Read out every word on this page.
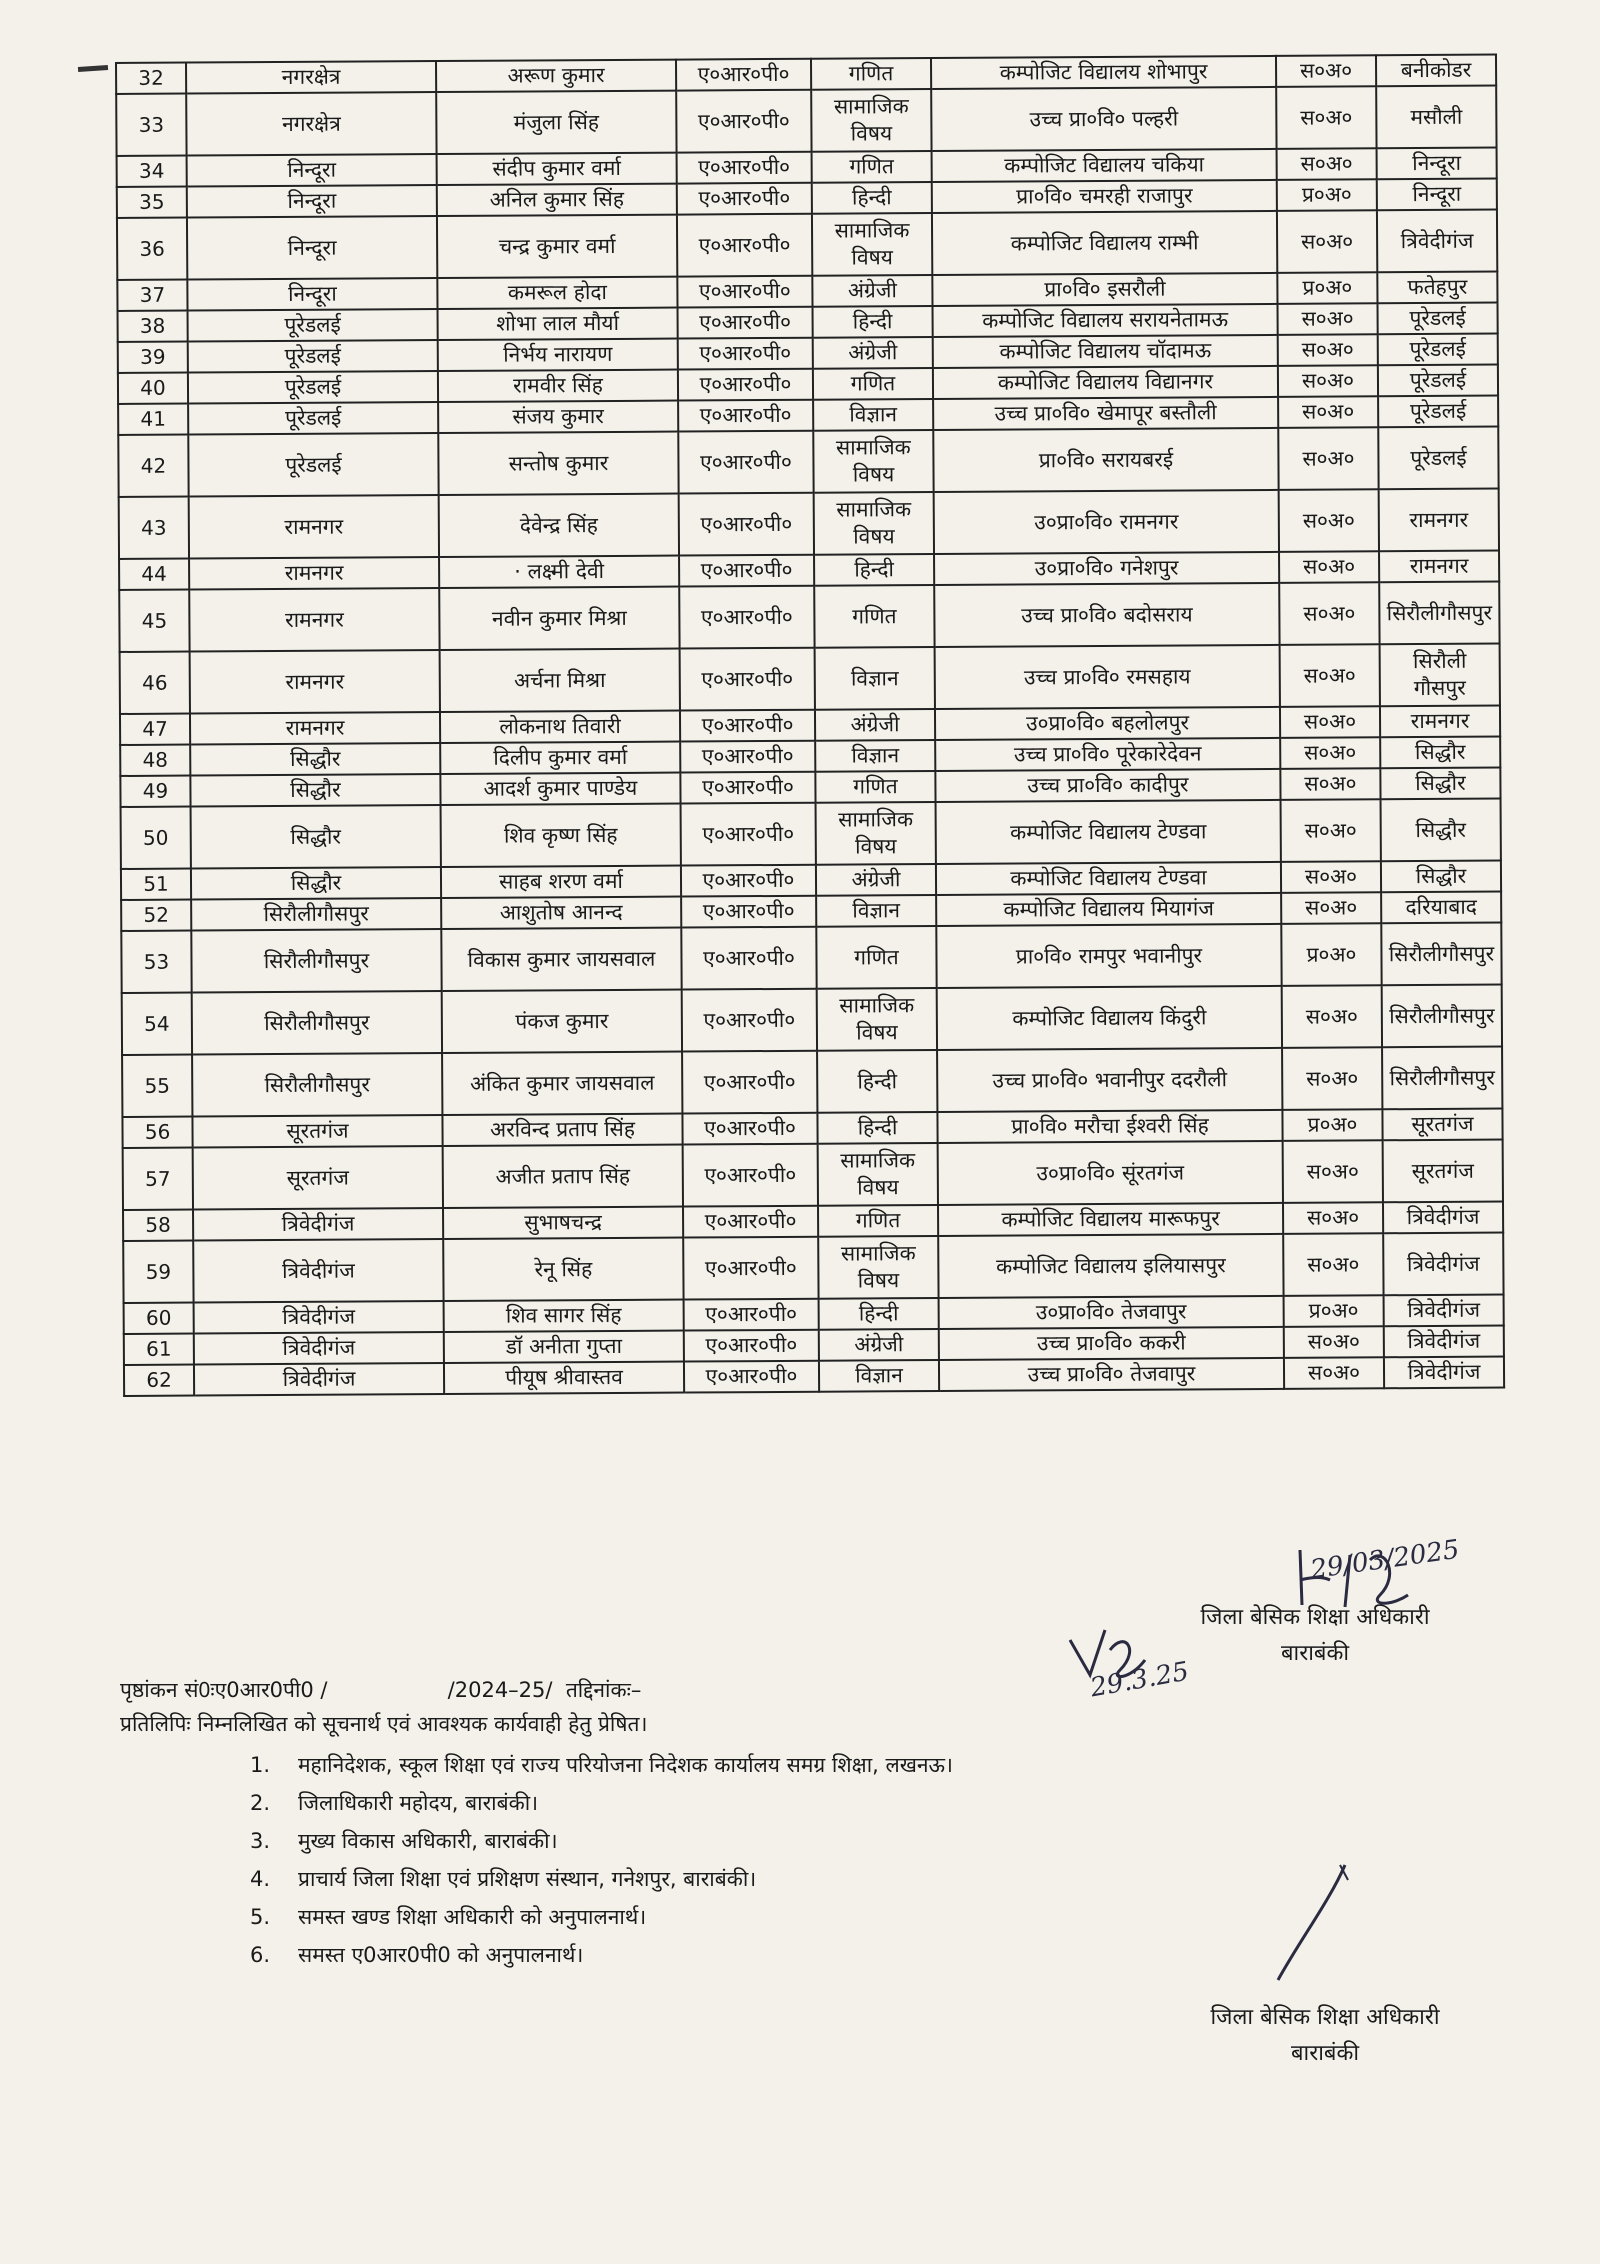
32	नगरक्षेत्र	अरूण कुमार	ए०आर०पी०	गणित	कम्पोजिट विद्यालय शोभापुर	स०अ०	बनीकोडर
33	नगरक्षेत्र	मंजुला सिंह	ए०आर०पी०	सामाजिक विषय	उच्च प्रा०वि० पल्हरी	स०अ०	मसौली
34	निन्दूरा	संदीप कुमार वर्मा	ए०आर०पी०	गणित	कम्पोजिट विद्यालय चकिया	स०अ०	निन्दूरा
35	निन्दूरा	अनिल कुमार सिंह	ए०आर०पी०	हिन्दी	प्रा०वि० चमरही राजापुर	प्र०अ०	निन्दूरा
36	निन्दूरा	चन्द्र कुमार वर्मा	ए०आर०पी०	सामाजिक विषय	कम्पोजिट विद्यालय राम्भी	स०अ०	त्रिवेदीगंज
37	निन्दूरा	कमरूल होदा	ए०आर०पी०	अंग्रेजी	प्रा०वि० इसरौली	प्र०अ०	फतेहपुर
38	पूरेडलई	शोभा लाल मौर्या	ए०आर०पी०	हिन्दी	कम्पोजिट विद्यालय सरायनेतामऊ	स०अ०	पूरेडलई
39	पूरेडलई	निर्भय नारायण	ए०आर०पी०	अंग्रेजी	कम्पोजिट विद्यालय चॉदामऊ	स०अ०	पूरेडलई
40	पूरेडलई	रामवीर सिंह	ए०आर०पी०	गणित	कम्पोजिट विद्यालय विद्यानगर	स०अ०	पूरेडलई
41	पूरेडलई	संजय कुमार	ए०आर०पी०	विज्ञान	उच्च प्रा०वि० खेमापूर बस्तौली	स०अ०	पूरेडलई
42	पूरेडलई	सन्तोष कुमार	ए०आर०पी०	सामाजिक विषय	प्रा०वि० सरायबरई	स०अ०	पूरेडलई
43	रामनगर	देवेन्द्र सिंह	ए०आर०पी०	सामाजिक विषय	उ०प्रा०वि० रामनगर	स०अ०	रामनगर
44	रामनगर	· लक्ष्मी देवी	ए०आर०पी०	हिन्दी	उ०प्रा०वि० गनेशपुर	स०अ०	रामनगर
45	रामनगर	नवीन कुमार मिश्रा	ए०आर०पी०	गणित	उच्च प्रा०वि० बदोसराय	स०अ०	सिरौलीगौसपुर
46	रामनगर	अर्चना मिश्रा	ए०आर०पी०	विज्ञान	उच्च प्रा०वि० रमसहाय	स०अ०	सिरौली गौसपुर
47	रामनगर	लोकनाथ तिवारी	ए०आर०पी०	अंग्रेजी	उ०प्रा०वि० बहलोलपुर	स०अ०	रामनगर
48	सिद्धौर	दिलीप कुमार वर्मा	ए०आर०पी०	विज्ञान	उच्च प्रा०वि० पूरेकारेदेवन	स०अ०	सिद्धौर
49	सिद्धौर	आदर्श कुमार पाण्डेय	ए०आर०पी०	गणित	उच्च प्रा०वि० कादीपुर	स०अ०	सिद्धौर
50	सिद्धौर	शिव कृष्ण सिंह	ए०आर०पी०	सामाजिक विषय	कम्पोजिट विद्यालय टेण्डवा	स०अ०	सिद्धौर
51	सिद्धौर	साहब शरण वर्मा	ए०आर०पी०	अंग्रेजी	कम्पोजिट विद्यालय टेण्डवा	स०अ०	सिद्धौर
52	सिरौलीगौसपुर	आशुतोष आनन्द	ए०आर०पी०	विज्ञान	कम्पोजिट विद्यालय मियागंज	स०अ०	दरियाबाद
53	सिरौलीगौसपुर	विकास कुमार जायसवाल	ए०आर०पी०	गणित	प्रा०वि० रामपुर भवानीपुर	प्र०अ०	सिरौलीगौसपुर
54	सिरौलीगौसपुर	पंकज कुमार	ए०आर०पी०	सामाजिक विषय	कम्पोजिट विद्यालय किंदुरी	स०अ०	सिरौलीगौसपुर
55	सिरौलीगौसपुर	अंकित कुमार जायसवाल	ए०आर०पी०	हिन्दी	उच्च प्रा०वि० भवानीपुर ददरौली	स०अ०	सिरौलीगौसपुर
56	सूरतगंज	अरविन्द प्रताप सिंह	ए०आर०पी०	हिन्दी	प्रा०वि० मरौचा ईश्वरी सिंह	प्र०अ०	सूरतगंज
57	सूरतगंज	अजीत प्रताप सिंह	ए०आर०पी०	सामाजिक विषय	उ०प्रा०वि० सूंरतगंज	स०अ०	सूरतगंज
58	त्रिवेदीगंज	सुभाषचन्द्र	ए०आर०पी०	गणित	कम्पोजिट विद्यालय मारूफपुर	स०अ०	त्रिवेदीगंज
59	त्रिवेदीगंज	रेनू सिंह	ए०आर०पी०	सामाजिक विषय	कम्पोजिट विद्यालय इलियासपुर	स०अ०	त्रिवेदीगंज
60	त्रिवेदीगंज	शिव सागर सिंह	ए०आर०पी०	हिन्दी	उ०प्रा०वि० तेजवापुर	प्र०अ०	त्रिवेदीगंज
61	त्रिवेदीगंज	डॉ अनीता गुप्ता	ए०आर०पी०	अंग्रेजी	उच्च प्रा०वि० ककरी	स०अ०	त्रिवेदीगंज
62	त्रिवेदीगंज	पीयूष श्रीवास्तव	ए०आर०पी०	विज्ञान	उच्च प्रा०वि० तेजवापुर	स०अ०	त्रिवेदीगंज
29/03/2025
जिला बेसिक शिक्षा अधिकारी
बाराबंकी
29.3.25
पृष्ठांकन सं0ःए0आर0पी0 /                  /2024–25/  तद्दिनांकः–
प्रतिलिपिः निम्नलिखित को सूचनार्थ एवं आवश्यक कार्यवाही हेतु प्रेषित।
1. महानिदेशक, स्कूल शिक्षा एवं राज्य परियोजना निदेशक कार्यालय समग्र शिक्षा, लखनऊ।
2. जिलाधिकारी महोदय, बाराबंकी।
3. मुख्य विकास अधिकारी, बाराबंकी।
4. प्राचार्य जिला शिक्षा एवं प्रशिक्षण संस्थान, गनेशपुर, बाराबंकी।
5. समस्त खण्ड शिक्षा अधिकारी को अनुपालनार्थ।
6. समस्त ए0आर0पी0 को अनुपालनार्थ।
जिला बेसिक शिक्षा अधिकारी
बाराबंकी
